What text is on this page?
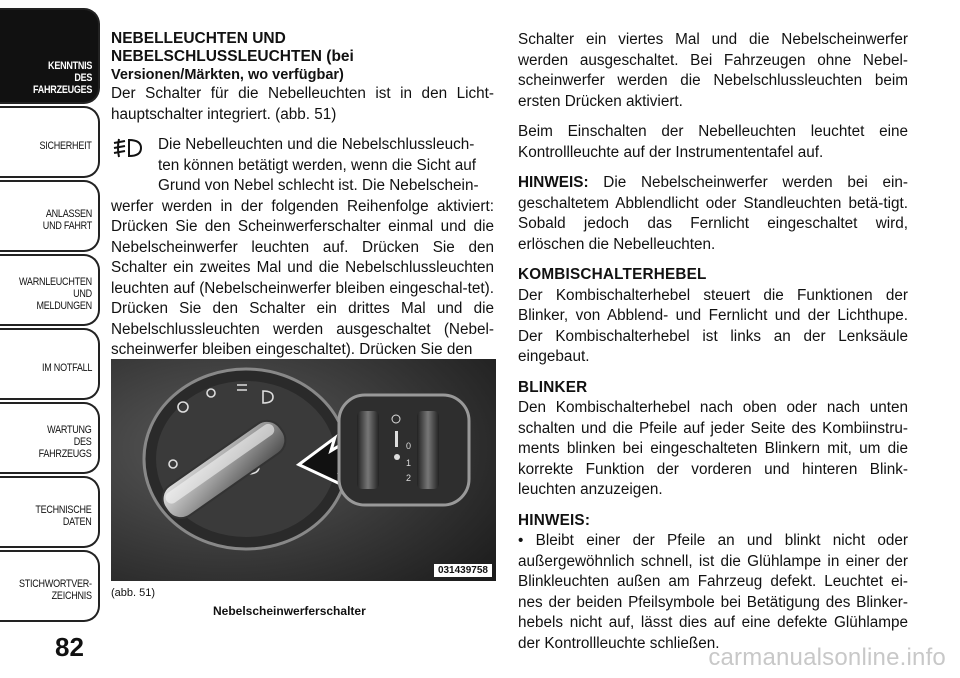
KENNTNIS
DES
FAHRZEUGES
SICHERHEIT
ANLASSEN
UND FAHRT
WARNLEUCHTEN
UND
MELDUNGEN
IM NOTFALL
WARTUNG
DES
FAHRZEUGS
TECHNISCHE
DATEN
STICHWORTVER-
ZEICHNIS
82
NEBELLEUCHTEN UND
NEBELSCHLUSSLEUCHTEN (bei
Versionen/Märkten, wo verfügbar)

Der Schalter für die Nebelleuchten ist in den Licht-hauptschalter integriert. (abb. 51)

Die Nebelleuchten und die Nebelschlussleuch-
ten können betätigt werden, wenn die Sicht auf
Grund von Nebel schlecht ist. Die Nebelschein-

werfer werden in der folgenden Reihenfolge aktiviert: Drücken Sie den Scheinwerferschalter einmal und die Nebelscheinwerfer leuchten auf. Drücken Sie den Schalter ein zweites Mal und die Nebelschlussleuchten leuchten auf (Nebelscheinwerfer bleiben eingeschal-tet). Drücken Sie den Schalter ein drittes Mal und die Nebelschlussleuchten werden ausgeschaltet (Nebel-scheinwerfer bleiben eingeschaltet). Drücken Sie den

0
1
2
031439758
(abb. 51)
Nebelscheinwerferschalter

Schalter ein viertes Mal und die Nebelscheinwerfer werden ausgeschaltet. Bei Fahrzeugen ohne Nebel-scheinwerfer werden die Nebelschlussleuchten beim ersten Drücken aktiviert.

Beim Einschalten der Nebelleuchten leuchtet eine Kontrollleuchte auf der Instrumententafel auf.

HINWEIS: Die Nebelscheinwerfer werden bei ein-geschaltetem Abblendlicht oder Standleuchten betä-tigt. Sobald jedoch das Fernlicht eingeschaltet wird, erlöschen die Nebelleuchten.

KOMBISCHALTERHEBEL

Der Kombischalterhebel steuert die Funktionen der Blinker, von Abblend- und Fernlicht und der Lichthupe. Der Kombischalterhebel ist links an der Lenksäule eingebaut.

BLINKER

Den Kombischalterhebel nach oben oder nach unten schalten und die Pfeile auf jeder Seite des Kombiinstru-ments blinken bei eingeschalteten Blinkern mit, um die korrekte Funktion der vorderen und hinteren Blink-leuchten anzuzeigen.

HINWEIS:

• Bleibt einer der Pfeile an und blinkt nicht oder außergewöhnlich schnell, ist die Glühlampe in einer der Blinkleuchten außen am Fahrzeug defekt. Leuchtet ei-nes der beiden Pfeilsymbole bei Betätigung des Blinker-hebels nicht auf, lässt dies auf eine defekte Glühlampe der Kontrollleuchte schließen.

carmanualsonline.info
